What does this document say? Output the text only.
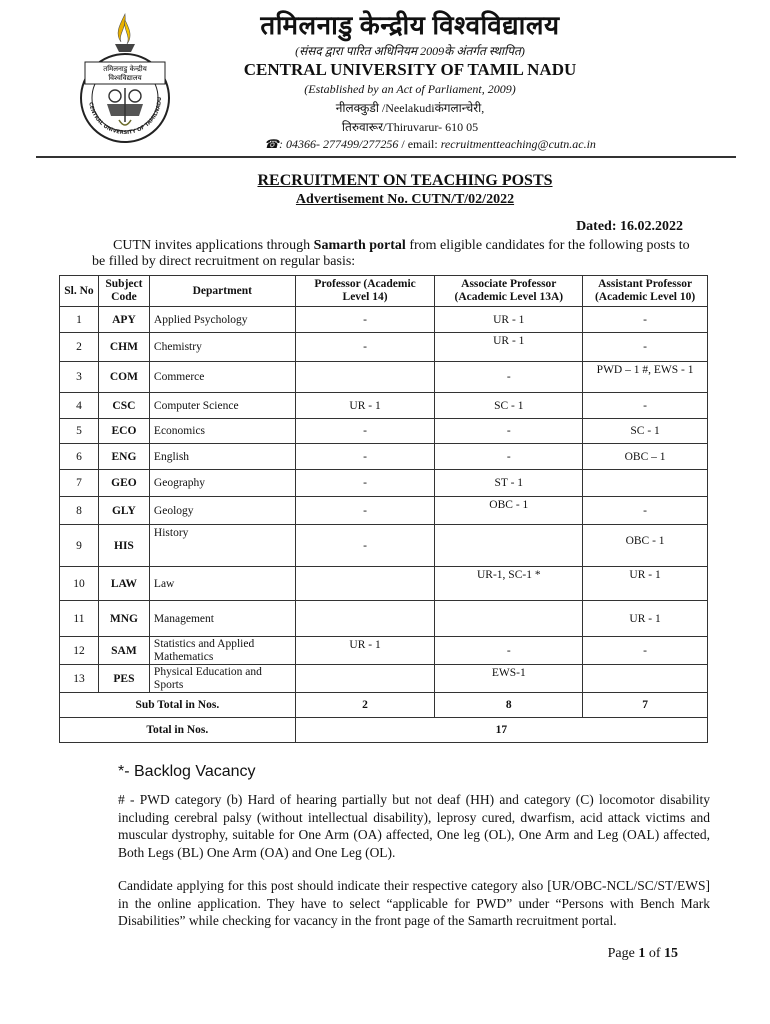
तमिलनाडु केन्द्रीय
विश्वविद्यालय
CENTRAL UNIVERSITY OF TAMILNADU
तमिलनाडु केन्द्रीय विश्वविद्यालय
(संसद द्वारा पारित अधिनियम 2009के अंतर्गत स्थापित)
CENTRAL UNIVERSITY OF TAMIL NADU
(Established by an Act of Parliament, 2009)
नीलक्कुडी /Neelakudiकंगलान्चेरी,
तिरुवारूर/Thiruvarur- 610 05
☎: 04366- 277499/277256 / email: recruitmentteaching@cutn.ac.in
RECRUITMENT ON TEACHING POSTS
Advertisement No. CUTN/T/02/2022
Dated: 16.02.2022
CUTN invites applications through Samarth portal from eligible candidates for the following posts to be filled by direct recruitment on regular basis:
Sl. No	Subject Code	Department	Professor (Academic Level 14)	Associate Professor (Academic Level 13A)	Assistant Professor (Academic Level 10)
1	APY	Applied Psychology	-	UR - 1	-
2	CHM	Chemistry	-	UR - 1	-
3	COM	Commerce		-	PWD – 1 #, EWS - 1
4	CSC	Computer Science	UR - 1	SC - 1	-
5	ECO	Economics	-	-	SC - 1
6	ENG	English	-	-	OBC – 1
7	GEO	Geography	-	ST - 1	
8	GLY	Geology	-	OBC - 1	-
9	HIS	History	-		OBC - 1
10	LAW	Law		UR-1, SC-1 *	UR - 1
11	MNG	Management			UR - 1
12	SAM	Statistics and Applied Mathematics	UR - 1	-	-
13	PES	Physical Education and Sports		EWS-1	
Sub Total in Nos.			2	8	7
Total in Nos.			17		
*- Backlog Vacancy
# - PWD category (b) Hard of hearing partially but not deaf (HH) and category (C) locomotor disability including cerebral palsy (without intellectual disability), leprosy cured, dwarfism, acid attack victims and muscular dystrophy, suitable for One Arm (OA) affected, One leg (OL), One Arm and Leg (OAL) affected, Both Legs (BL) One Arm (OA) and One Leg (OL).
Candidate applying for this post should indicate their respective category also [UR/OBC-NCL/SC/ST/EWS] in the online application. They have to select “applicable for PWD” under “Persons with Bench Mark Disabilities” while checking for vacancy in the front page of the Samarth recruitment portal.
Page 1 of 15
